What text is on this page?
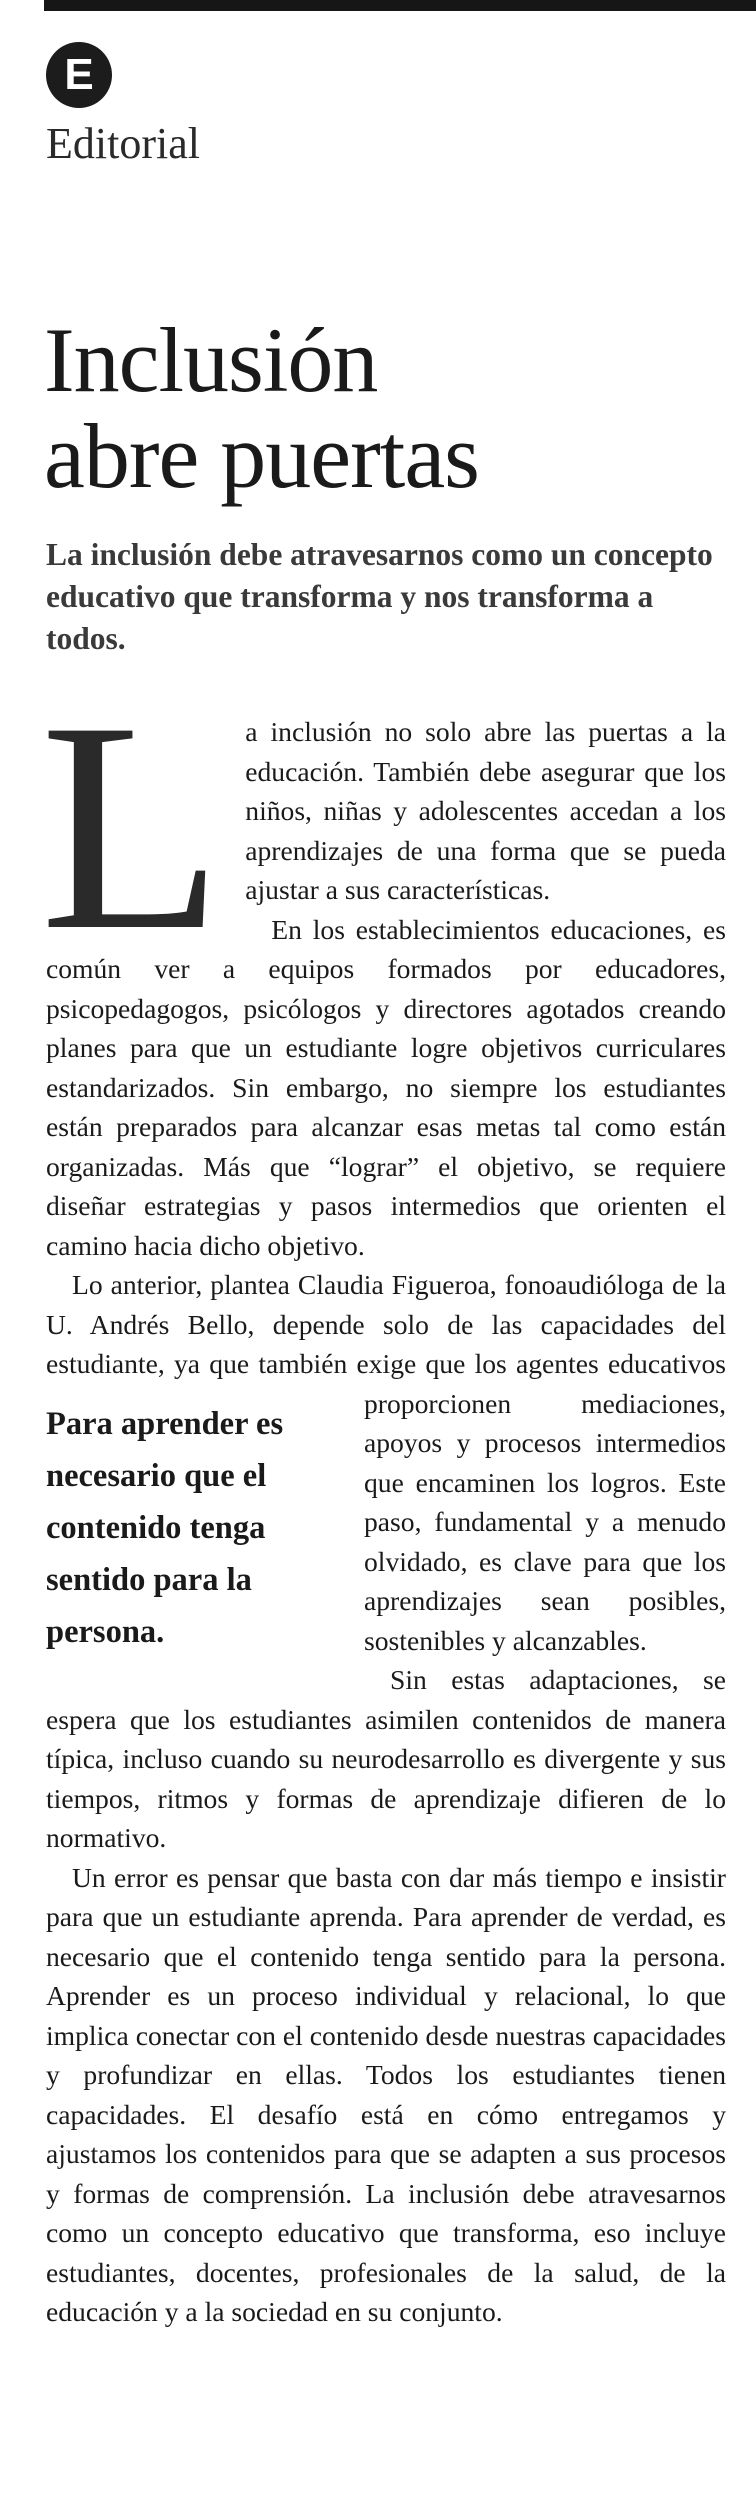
E
Editorial
Inclusión
abre puertas

La inclusión debe atravesarnos como un concepto educativo que transforma y nos transforma a todos.

La inclusión no solo abre las puertas a la educación. También debe asegurar que los niños, niñas y adolescentes accedan a los aprendizajes de una forma que se pueda ajustar a sus características.

En los establecimientos educaciones, es común ver a equipos formados por educadores, psicopedagogos, psicólogos y directores agotados creando planes para que un estudiante logre objetivos curriculares estandarizados. Sin embargo, no siempre los estudiantes están preparados para alcanzar esas metas tal como están organizadas. Más que “lograr” el objetivo, se requiere diseñar estrategias y pasos intermedios que orienten el camino hacia dicho objetivo.

Lo anterior, plantea Claudia Figueroa, fonoaudióloga de la U. Andrés Bello, depende solo de las capacidades del estudiante, ya que también exige que los agentes educativos proporcionen mediaciones,
Para aprender es necesario que el contenido tenga sentido para la persona.
apoyos y procesos intermedios que encaminen los logros. Este paso, fundamental y a menudo olvidado, es clave para que los aprendizajes sean posibles, sostenibles y alcanzables.

Sin estas adaptaciones, se espera que los estudiantes asimilen contenidos de manera típica, incluso cuando su neurodesarrollo es divergente y sus tiempos, ritmos y formas de aprendizaje difieren de lo normativo.

Un error es pensar que basta con dar más tiempo e insistir para que un estudiante aprenda. Para aprender de verdad, es necesario que el contenido tenga sentido para la persona. Aprender es un proceso individual y relacional, lo que implica conectar con el contenido desde nuestras capacidades y profundizar en ellas. Todos los estudiantes tienen capacidades. El desafío está en cómo entregamos y ajustamos los contenidos para que se adapten a sus procesos y formas de comprensión. La inclusión debe atravesarnos como un concepto educativo que transforma, eso incluye estudiantes, docentes, profesionales de la salud, de la educación y a la sociedad en su conjunto.
